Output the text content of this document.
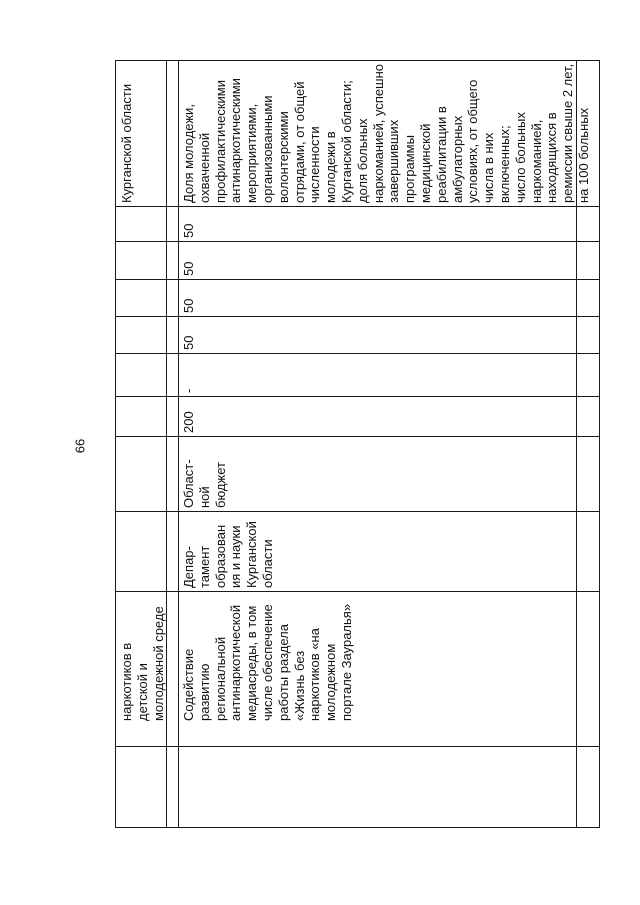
66
наркотиков в
детской и
молодежной среде
Курганской области
Содействие
развитию
региональной
антинаркотической
медиасреды, в том
числе обеспечение
работы раздела
«Жизнь без
наркотиков «на
молодежном
портале Зауралья»
Депар-
тамент
образован
ия и науки
Курганской
области
Област-
ной
бюджет
200
-
50
50
50
50
Доля молодежи,
охваченной
профилактическими
антинаркотическими
мероприятиями,
организованными
волонтерскими
отрядами, от общей
численности
молодежи в
Курганской области;
доля больных
наркоманией, успешно
завершивших
программы
медицинской
реабилитации в
амбулаторных
условиях, от общего
числа в них
включенных;
число больных
наркоманией,
находящихся в
ремиссии свыше 2 лет,
на 100 больных
